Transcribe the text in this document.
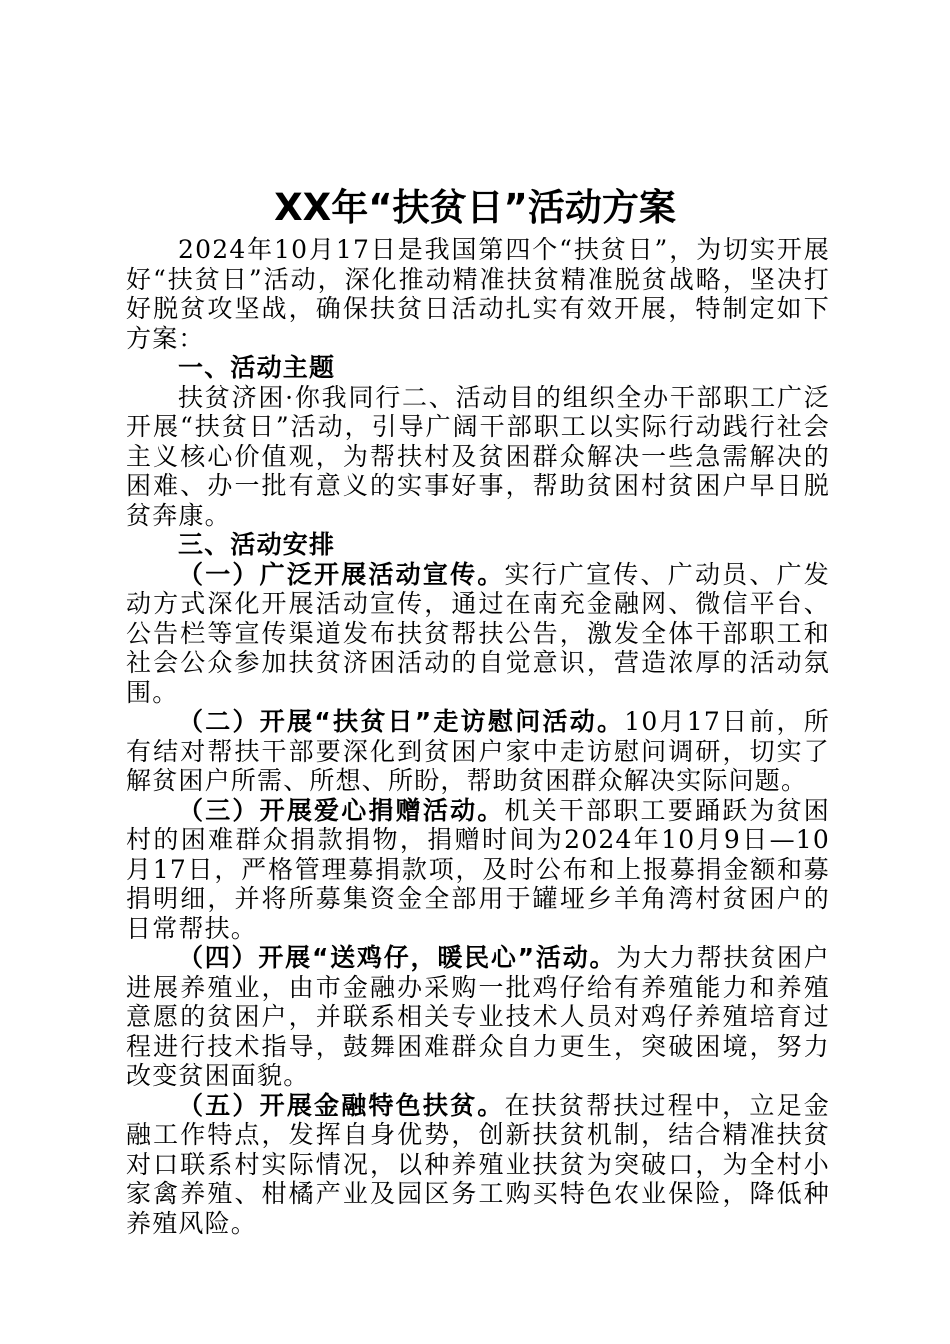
XX年“扶贫日”活动方案

2024年10月17日是我国第四个“扶贫日”，为切实开展好“扶贫日”活动，深化推动精准扶贫精准脱贫战略，坚决打好脱贫攻坚战，确保扶贫日活动扎实有效开展，特制定如下方案：

一、活动主题

扶贫济困·你我同行二、活动目的组织全办干部职工广泛开展“扶贫日”活动，引导广阔干部职工以实际行动践行社会主义核心价值观，为帮扶村及贫困群众解决一些急需解决的困难、办一批有意义的实事好事，帮助贫困村贫困户早日脱贫奔康。

三、活动安排

（一）广泛开展活动宣传。实行广宣传、广动员、广发动方式深化开展活动宣传，通过在南充金融网、微信平台、公告栏等宣传渠道发布扶贫帮扶公告，激发全体干部职工和社会公众参加扶贫济困活动的自觉意识，营造浓厚的活动氛围。

（二）开展“扶贫日”走访慰问活动。10月17日前，所有结对帮扶干部要深化到贫困户家中走访慰问调研，切实了解贫困户所需、所想、所盼，帮助贫困群众解决实际问题。

（三）开展爱心捐赠活动。机关干部职工要踊跃为贫困村的困难群众捐款捐物，捐赠时间为2024年10月9日—10月17日，严格管理募捐款项，及时公布和上报募捐金额和募捐明细，并将所募集资金全部用于罐垭乡羊角湾村贫困户的日常帮扶。

（四）开展“送鸡仔，暖民心”活动。为大力帮扶贫困户进展养殖业，由市金融办采购一批鸡仔给有养殖能力和养殖意愿的贫困户，并联系相关专业技术人员对鸡仔养殖培育过程进行技术指导，鼓舞困难群众自力更生，突破困境，努力改变贫困面貌。

（五）开展金融特色扶贫。在扶贫帮扶过程中，立足金融工作特点，发挥自身优势，创新扶贫机制，结合精准扶贫对口联系村实际情况，以种养殖业扶贫为突破口，为全村小家禽养殖、柑橘产业及园区务工购买特色农业保险，降低种养殖风险。
